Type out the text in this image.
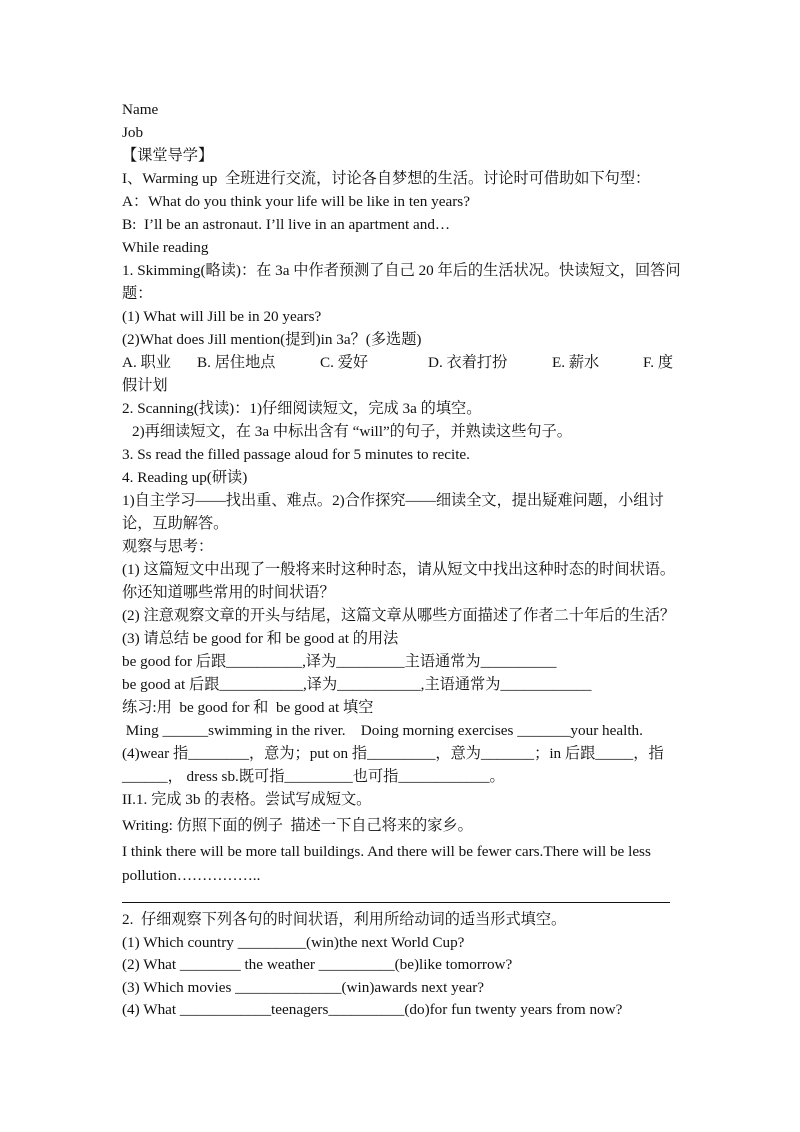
Name
Job
【课堂导学】
I、Warming up  全班进行交流，讨论各自梦想的生活。讨论时可借助如下句型：
A：What do you think your life will be like in ten years?
B:  I’ll be an astronaut. I’ll live in an apartment and…
While reading
1. Skimming(略读)：在 3a 中作者预测了自己 20 年后的生活状况。快读短文，回答问题：
(1) What will Jill be in 20 years?
(2)What does Jill mention(提到)in 3a？(多选题)
A. 职业 B. 居住地点	C. 爱好	D. 衣着打扮	E. 薪水	F. 度
假计划
2. Scanning(找读)：1)仔细阅读短文，完成 3a 的填空。
2)再细读短文，在 3a 中标出含有 “will”的句子，并熟读这些句子。
3. Ss read the filled passage aloud for 5 minutes to recite.
4. Reading up(研读)
1)自主学习——找出重、难点。2)合作探究——细读全文，提出疑难问题，小组讨论，互助解答。
观察与思考：
(1) 这篇短文中出现了一般将来时这种时态，请从短文中找出这种时态的时间状语。你还知道哪些常用的时间状语？
(2) 注意观察文章的开头与结尾，这篇文章从哪些方面描述了作者二十年后的生活？
(3) 请总结 be good for 和 be good at 的用法
be good for 后跟__________,译为_________主语通常为__________
be good at 后跟___________,译为___________,主语通常为____________
练习:用  be good for 和  be good at 填空
Ming ______swimming in the river.    Doing morning exercises _______your health.
(4)wear 指________，意为；put on 指_________，意为_______；in 后跟_____，指______， dress sb.既可指_________也可指____________。
II.1. 完成 3b 的表格。尝试写成短文。
Writing: 仿照下面的例子  描述一下自己将来的家乡。
I think there will be more tall buildings. And there will be fewer cars.There will be less pollution……………..
2.  仔细观察下列各句的时间状语，利用所给动词的适当形式填空。
(1) Which country _________(win)the next World Cup?
(2) What ________ the weather __________(be)like tomorrow?
(3) Which movies ______________(win)awards next year?
(4) What ____________teenagers__________(do)for fun twenty years from now?
